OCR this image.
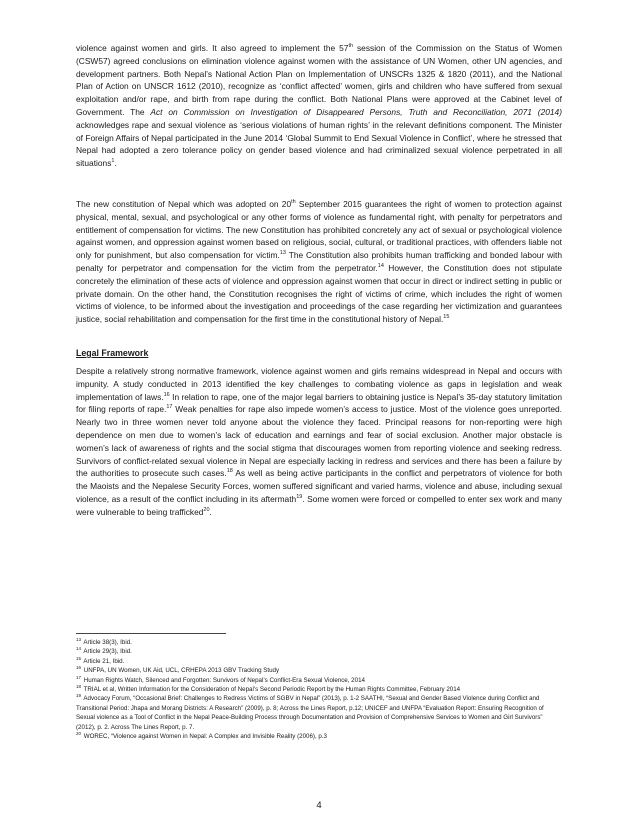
violence against women and girls. It also agreed to implement the 57th session of the Commission on the Status of Women (CSW57) agreed conclusions on elimination violence against women with the assistance of UN Women, other UN agencies, and development partners. Both Nepal’s National Action Plan on Implementation of UNSCRs 1325 & 1820 (2011), and the National Plan of Action on UNSCR 1612 (2010), recognize as ‘conflict affected’ women, girls and children who have suffered from sexual exploitation and/or rape, and birth from rape during the conflict. Both National Plans were approved at the Cabinet level of Government. The Act on Commission on Investigation of Disappeared Persons, Truth and Reconciliation, 2071 (2014) acknowledges rape and sexual violence as ‘serious violations of human rights’ in the relevant definitions component. The Minister of Foreign Affairs of Nepal participated in the June 2014 ‘Global Summit to End Sexual Violence in Conflict’, where he stressed that Nepal had adopted a zero tolerance policy on gender based violence and had criminalized sexual violence perpetrated in all situations$^1$.

The new constitution of Nepal which was adopted on 20th September 2015 guarantees the right of women to protection against physical, mental, sexual, and psychological or any other forms of violence as fundamental right, with penalty for perpetrators and entitlement of compensation for victims. The new Constitution has prohibited concretely any act of sexual or psychological violence against women, and oppression against women based on religious, social, cultural, or traditional practices, with offenders liable not only for punishment, but also compensation for victim.$^{13}$ The Constitution also prohibits human trafficking and bonded labour with penalty for perpetrator and compensation for the victim from the perpetrator.$^{14}$ However, the Constitution does not stipulate concretely the elimination of these acts of violence and oppression against women that occur in direct or indirect setting in public or private domain. On the other hand, the Constitution recognises the right of victims of crime, which includes the right of women victims of violence, to be informed about the investigation and proceedings of the case regarding her victimization and guarantees justice, social rehabilitation and compensation for the first time in the constitutional history of Nepal.$^{15}$

Legal Framework

Despite a relatively strong normative framework, violence against women and girls remains widespread in Nepal and occurs with impunity. A study conducted in 2013 identified the key challenges to combating violence as gaps in legislation and weak implementation of laws.$^{16}$ In relation to rape, one of the major legal barriers to obtaining justice is Nepal’s 35-day statutory limitation for filing reports of rape.$^{17}$ Weak penalties for rape also impede women’s access to justice. Most of the violence goes unreported. Nearly two in three women never told anyone about the violence they faced. Principal reasons for non-reporting were high dependence on men due to women’s lack of education and earnings and fear of social exclusion. Another major obstacle is women’s lack of awareness of rights and the social stigma that discourages women from reporting violence and seeking redress. Survivors of conflict-related sexual violence in Nepal are especially lacking in redress and services and there has been a failure by the authorities to prosecute such cases.$^{18}$ As well as being active participants in the conflict and perpetrators of violence for both the Maoists and the Nepalese Security Forces, women suffered significant and varied harms, violence and abuse, including sexual violence, as a result of the conflict including in its aftermath$^{19}$. Some women were forced or compelled to enter sex work and many were vulnerable to being trafficked$^{20}$.

$^{13}$ Article 38(3), Ibid.
$^{14}$ Article 29(3), Ibid.
$^{15}$ Article 21, Ibid.
$^{16}$ UNFPA, UN Women, UK Aid, UCL, CRHEPA 2013 GBV Tracking Study
$^{17}$ Human Rights Watch, Silenced and Forgotten: Survivors of Nepal’s Conflict-Era Sexual Violence, 2014
$^{18}$ TRIAL et al, Written Information for the Consideration of Nepal’s Second Periodic Report by the Human Rights Committee, February 2014
$^{19}$ Advocacy Forum, “Occasional Brief: Challenges to Redress Victims of SGBV in Nepal” (2013), p. 1-2 SAATHI, “Sexual and Gender Based Violence during Conflict and Transitional Period: Jhapa and Morang Districts: A Research” (2009), p. 8; Across the Lines Report, p.12; UNICEF and UNFPA “Evaluation Report: Ensuring Recognition of Sexual violence as a Tool of Conflict in the Nepal Peace-Building Process through Documentation and Provision of Comprehensive Services to Women and Girl Survivors” (2012), p. 2. Across The Lines Report, p. 7.
$^{20}$ WOREC, “Violence against Women in Nepal: A Complex and Invisible Reality (2006), p.3
4
